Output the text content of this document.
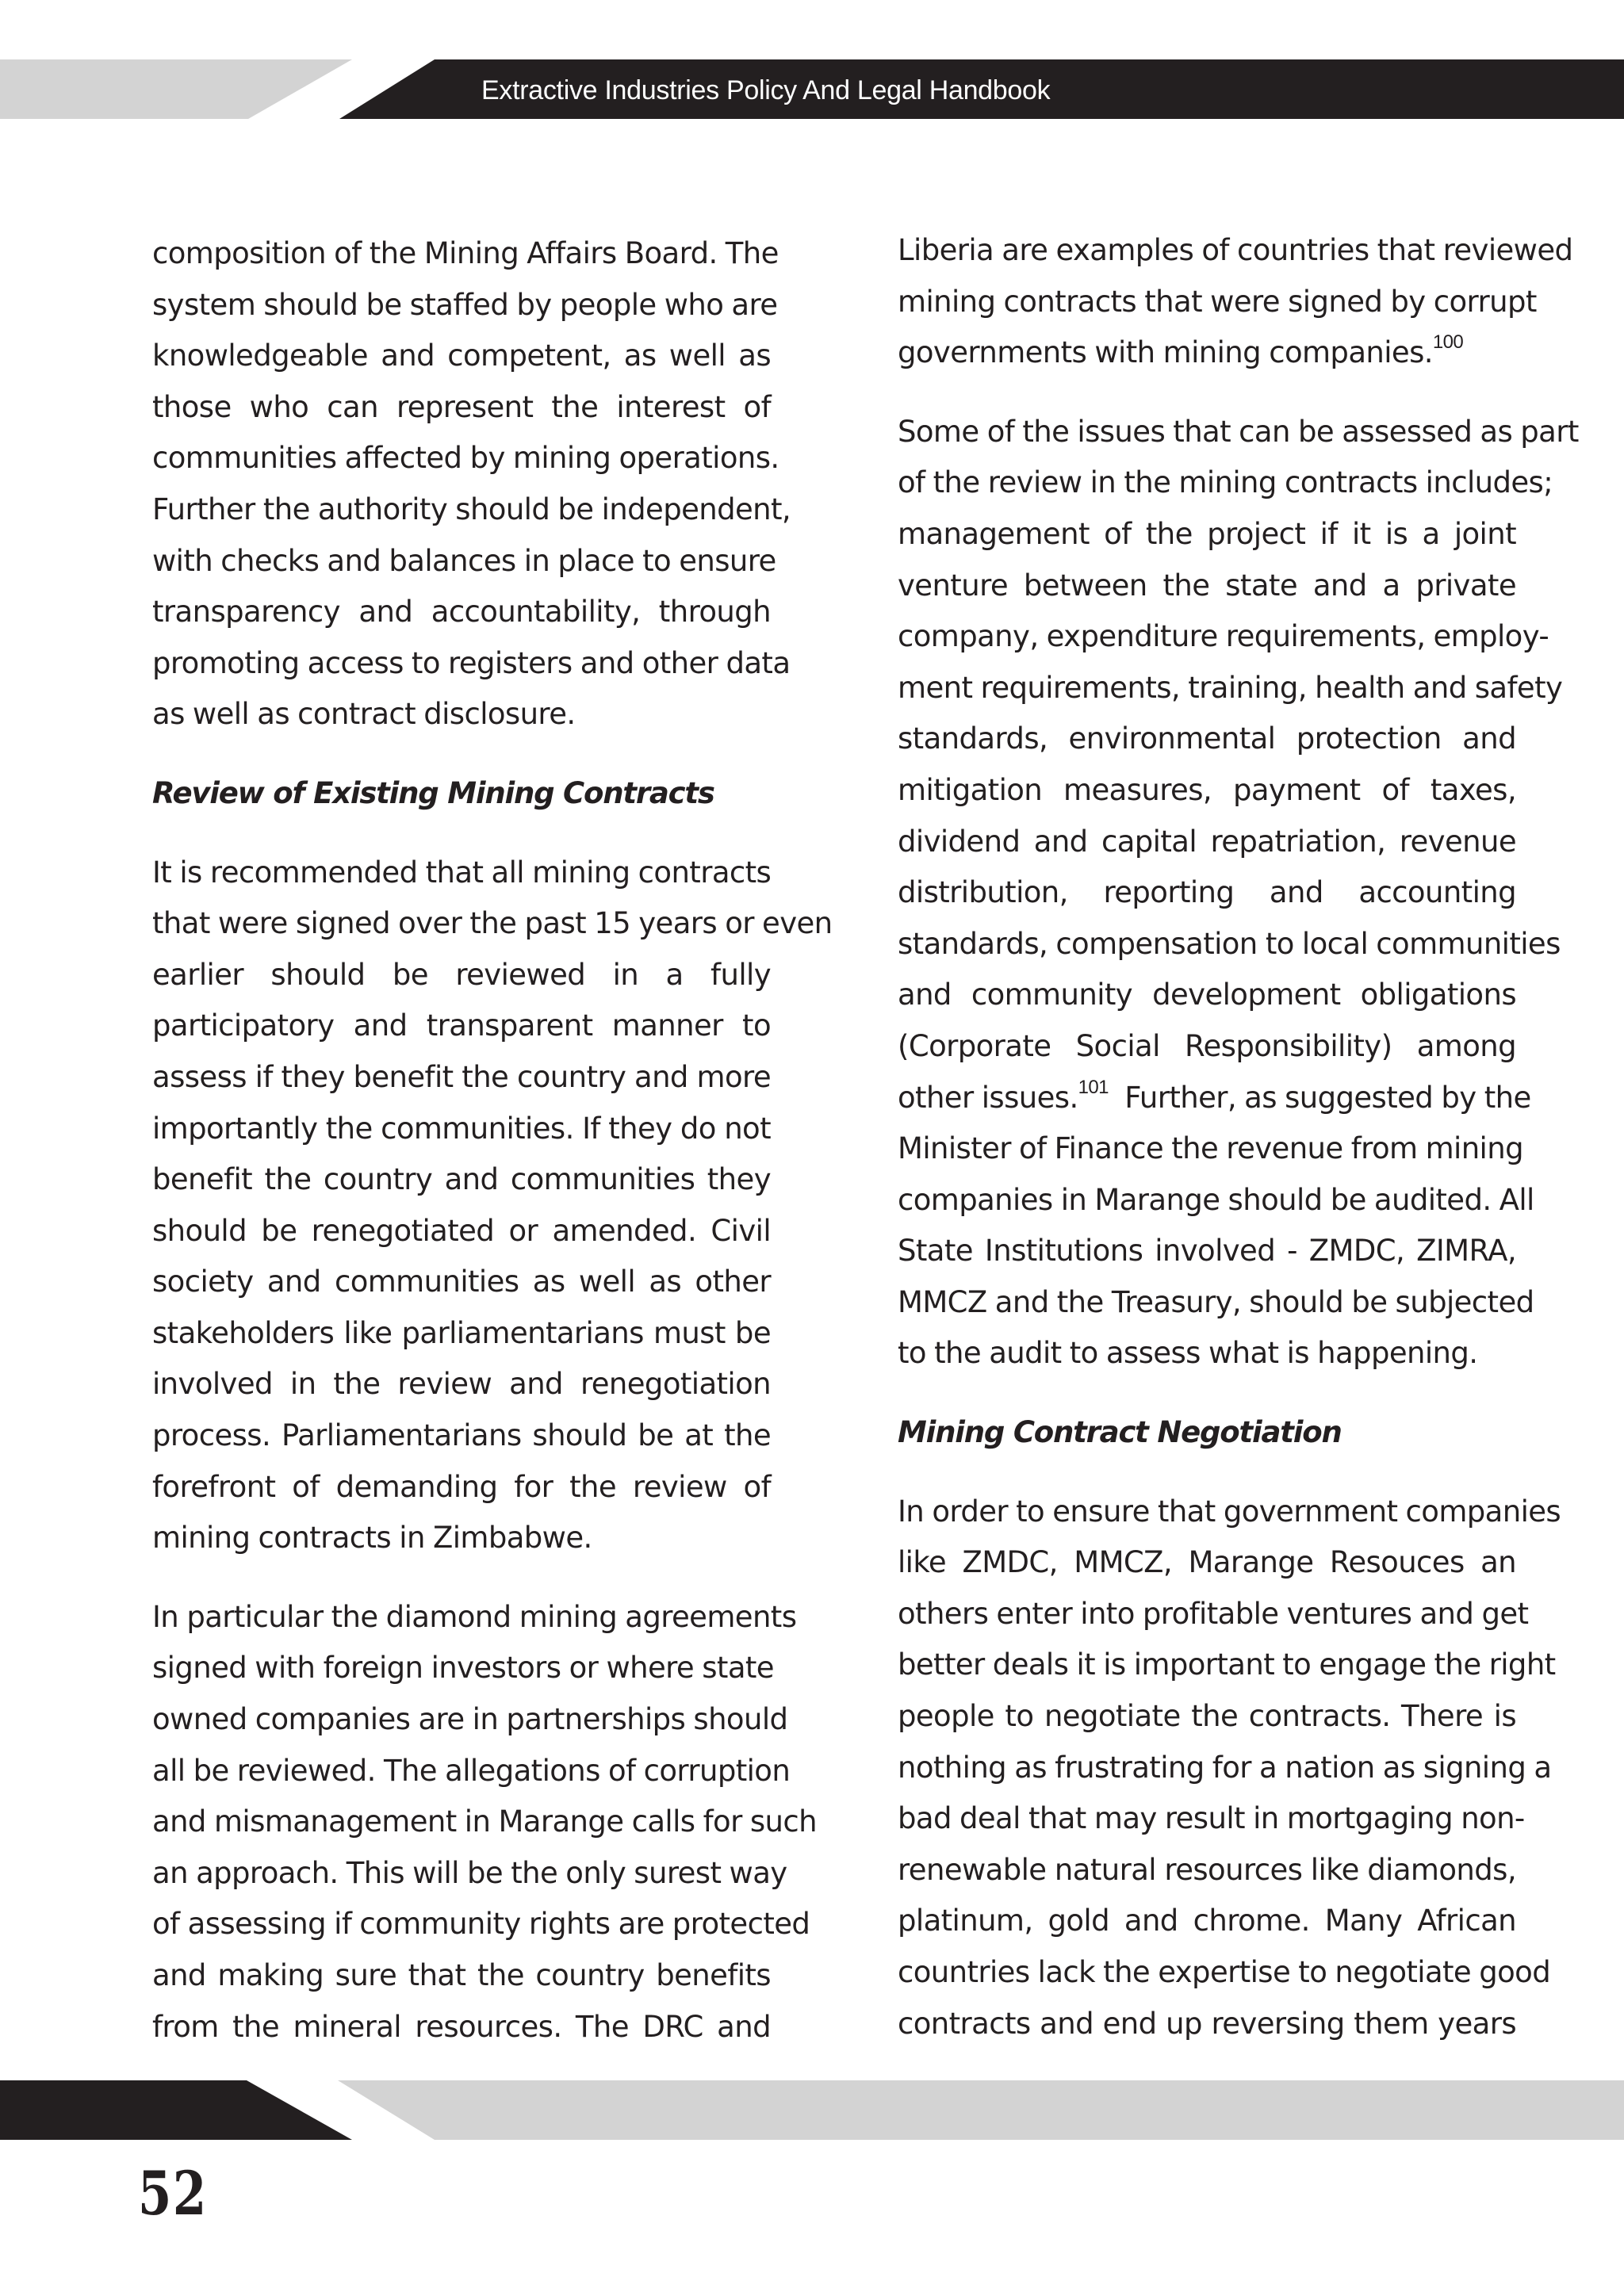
Extractive Industries Policy And Legal Handbook
composition of the Mining Affairs Board. The
system should be staffed by people who are
knowledgeable and competent, as well as
those who can represent the interest of
communities affected by mining operations.
Further the authority should be independent,
with checks and balances in place to ensure
transparency and accountability, through
promoting access to registers and other data
as well as contract disclosure.
Review of Existing Mining Contracts
It is recommended that all mining contracts
that were signed over the past 15 years or even
earlier should be reviewed in a fully
participatory and transparent manner to
assess if they benefit the country and more
importantly the communities. If they do not
benefit the country and communities they
should be renegotiated or amended. Civil
society and communities as well as other
stakeholders like parliamentarians must be
involved in the review and renegotiation
process. Parliamentarians should be at the
forefront of demanding for the review of
mining contracts in Zimbabwe.
In particular the diamond mining agreements
signed with foreign investors or where state
owned companies are in partnerships should
all be reviewed. The allegations of corruption
and mismanagement in Marange calls for such
an approach. This will be the only surest way
of assessing if community rights are protected
and making sure that the country benefits
from the mineral resources. The DRC and
Liberia are examples of countries that reviewed
mining contracts that were signed by corrupt
governments with mining companies.$^{100}$
Some of the issues that can be assessed as part
of the review in the mining contracts includes;
management of the project if it is a joint
venture between the state and a private
company, expenditure requirements, employ-
ment requirements, training, health and safety
standards, environmental protection and
mitigation measures, payment of taxes,
dividend and capital repatriation, revenue
distribution, reporting and accounting
standards, compensation to local communities
and community development obligations
(Corporate Social Responsibility) among
other issues.$^{101}$  Further, as suggested by the
Minister of Finance the revenue from mining
companies in Marange should be audited. All
State Institutions involved - ZMDC, ZIMRA,
MMCZ and the Treasury, should be subjected
to the audit to assess what is happening.
Mining Contract Negotiation
In order to ensure that government companies
like ZMDC, MMCZ, Marange Resouces an
others enter into profitable ventures and get
better deals it is important to engage the right
people to negotiate the contracts. There is
nothing as frustrating for a nation as signing a
bad deal that may result in mortgaging non-
renewable natural resources like diamonds,
platinum, gold and chrome. Many African
countries lack the expertise to negotiate good
contracts and end up reversing them years
52
